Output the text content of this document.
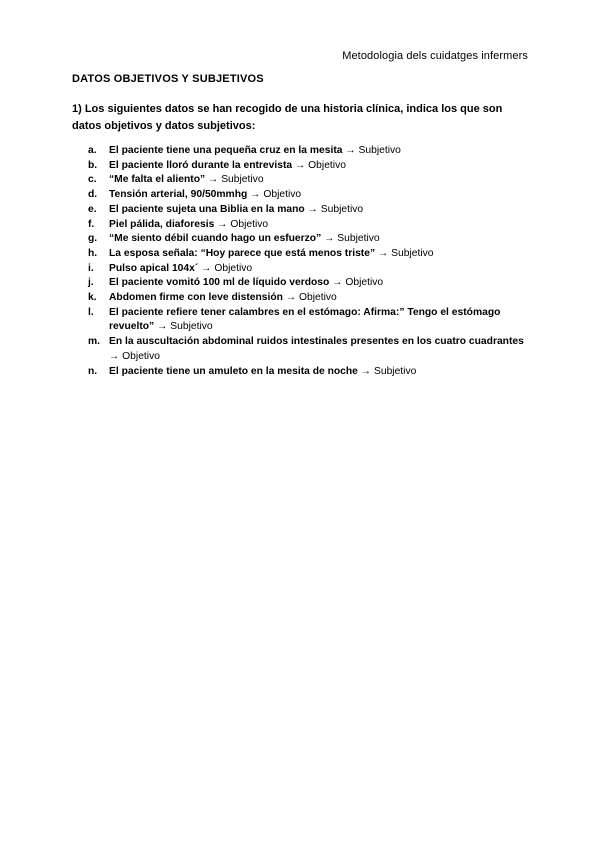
Metodologia dels cuidatges infermers
DATOS OBJETIVOS Y SUBJETIVOS
1) Los siguientes datos se han recogido de una historia clínica, indica los que son datos objetivos y datos subjetivos:
a. El paciente tiene una pequeña cruz en la mesita → Subjetivo
b. El paciente lloró durante la entrevista → Objetivo
c. “Me falta el aliento” → Subjetivo
d. Tensión arterial, 90/50mmhg → Objetivo
e. El paciente sujeta una Biblia en la mano → Subjetivo
f. Piel pálida, diaforesis → Objetivo
g. “Me siento débil cuando hago un esfuerzo” → Subjetivo
h. La esposa señala: “Hoy parece que está menos triste” → Subjetivo
i. Pulso apical 104x´ → Objetivo
j. El paciente vomitó 100 ml de líquido verdoso → Objetivo
k. Abdomen firme con leve distensión → Objetivo
l. El paciente refiere tener calambres en el estómago: Afirma:” Tengo el estómago revuelto” → Subjetivo
m. En la auscultación abdominal ruidos intestinales presentes en los cuatro cuadrantes → Objetivo
n. El paciente tiene un amuleto en la mesita de noche → Subjetivo
